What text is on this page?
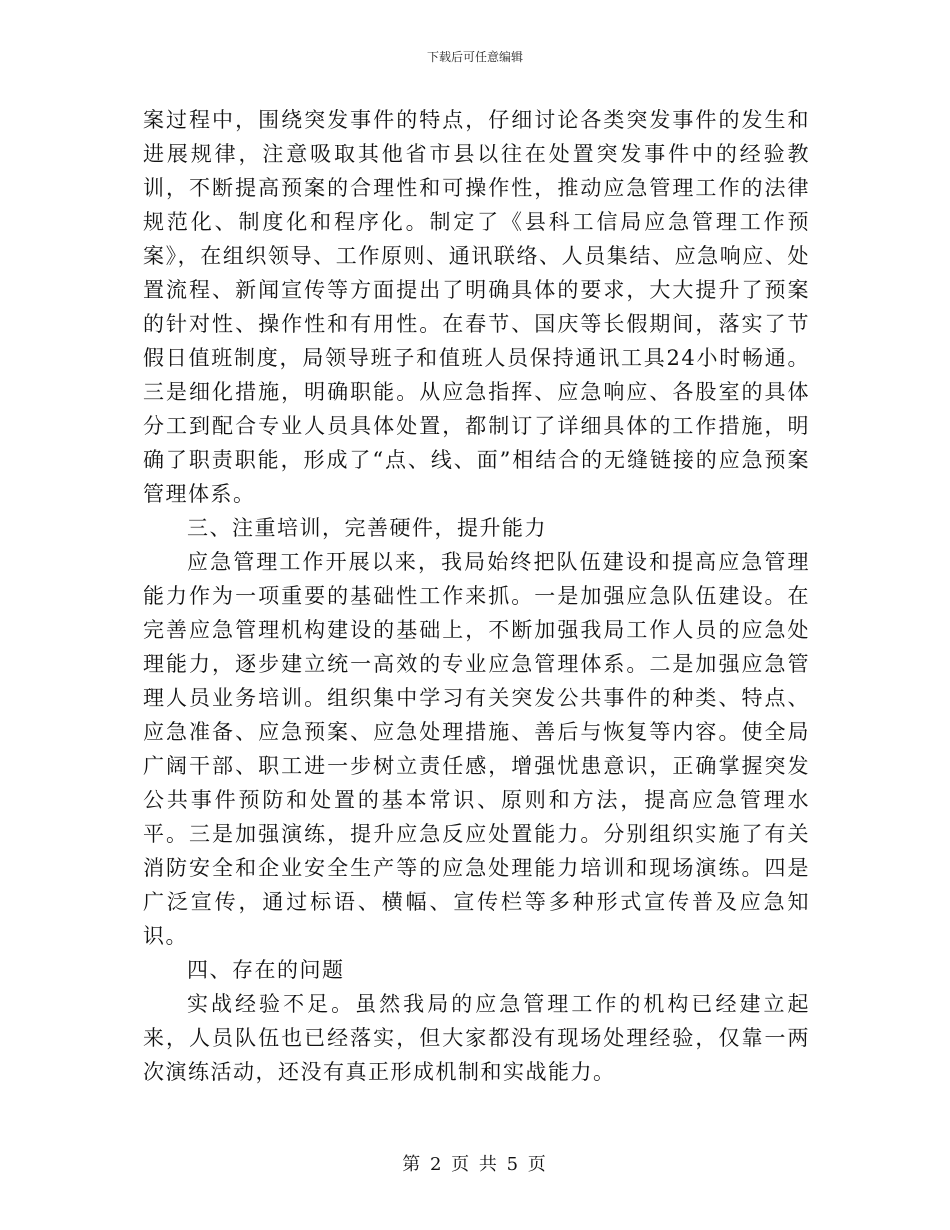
下载后可任意编辑

案过程中，围绕突发事件的特点，仔细讨论各类突发事件的发生和进展规律，注意吸取其他省市县以往在处置突发事件中的经验教训，不断提高预案的合理性和可操作性，推动应急管理工作的法律规范化、制度化和程序化。制定了《县科工信局应急管理工作预案》，在组织领导、工作原则、通讯联络、人员集结、应急响应、处置流程、新闻宣传等方面提出了明确具体的要求，大大提升了预案的针对性、操作性和有用性。在春节、国庆等长假期间，落实了节假日值班制度，局领导班子和值班人员保持通讯工具24小时畅通。三是细化措施，明确职能。从应急指挥、应急响应、各股室的具体分工到配合专业人员具体处置，都制订了详细具体的工作措施，明确了职责职能，形成了“点、线、面”相结合的无缝链接的应急预案管理体系。

三、注重培训，完善硬件，提升能力

应急管理工作开展以来，我局始终把队伍建设和提高应急管理能力作为一项重要的基础性工作来抓。一是加强应急队伍建设。在完善应急管理机构建设的基础上，不断加强我局工作人员的应急处理能力，逐步建立统一高效的专业应急管理体系。二是加强应急管理人员业务培训。组织集中学习有关突发公共事件的种类、特点、应急准备、应急预案、应急处理措施、善后与恢复等内容。使全局广阔干部、职工进一步树立责任感，增强忧患意识，正确掌握突发公共事件预防和处置的基本常识、原则和方法，提高应急管理水平。三是加强演练，提升应急反应处置能力。分别组织实施了有关消防安全和企业安全生产等的应急处理能力培训和现场演练。四是广泛宣传，通过标语、横幅、宣传栏等多种形式宣传普及应急知识。

四、存在的问题

实战经验不足。虽然我局的应急管理工作的机构已经建立起来，人员队伍也已经落实，但大家都没有现场处理经验，仅靠一两次演练活动，还没有真正形成机制和实战能力。

第 2 页 共 5 页
